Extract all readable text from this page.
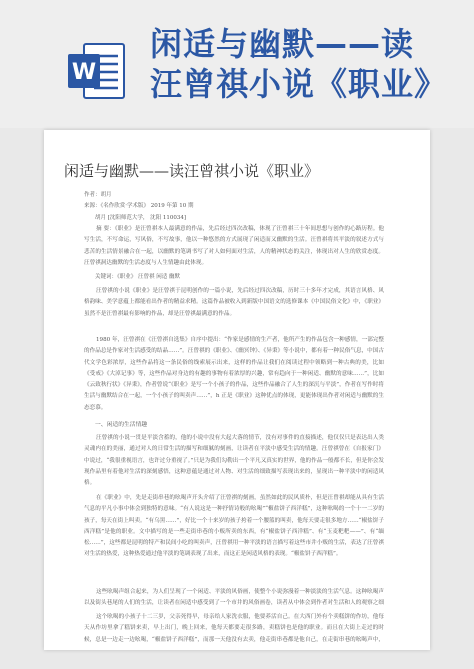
W
闲适与幽默——读
汪曾祺小说《职业》
闲适与幽默——读汪曾祺小说《职业》
作者：胡月
来源：《名作欣赏·学术版》 2019 年第 10 期
胡月 [沈阳师范大学， 沈阳 110034]
摘 要：《职业》是汪曾祺本人最满意的作品，先后经过四次改稿，体现了汪曾祺三十年间思想与创作的心路历程。他写生活，不写命运，写风俗，不写故事，他以一种悠然的方式展现了闲适而又幽默的生活。汪曾祺将其平淡的叙述方式与悲苦的生活情景融合在一起，以幽默的笔调书写了对人如何面对生活，人的精神状态的关注，体现出对人生的欣赏态度。汪曾祺洞达幽默的生活态度与人生情趣由此体现。
关键词：《职业》 汪曾祺 闲适 幽默
汪曾祺的小说《职业》是汪曾祺于昆明创作的一篇小说，先后经过四次改稿，历时三十多年才完成，其语言风格、风格韵味、美学意蕴上都能看出作者的精益求精。这篇作品被收入到新版中国语文的选修课本《中国民俗文化》中，《职业》虽然不是汪曾祺最有影响的作品，却是汪曾祺最满意的作品。
1980 年，汪曾祺在《汪曾祺自选集》自序中提出：“作家是感情的生产者，他所产生的作品包含一种感情，一部完整的作品总是作家对生活感受的结晶……”。汪曾祺的《职业》、《幽冥钟》、《异秉》等小说中，都有着一种民俗气息，中国古代文学色彩浓厚，这些作品将这一条民俗的线索展示出来，这样的作品让我们在阅读过程中领略到一种古典的美，比如《受戒》《大淖记事》等，这些作品对身边的有趣的事物有着浓厚的兴趣，常有趋向于一种闲适、幽默的意味……”，比如《云致秋行状》《异秉》，作者曾说“《职业》是写一个小孩子的作品，这些作品融合了人生的深沉与平淡”，作者在写作时将生活与幽默结合在一起，一个小孩子的叫卖声……”，h 正是《职业》这种优点的体现，更能体现出作者对闲适与幽默的生态恋慕。
一、闲适的生活情趣
汪曾祺的小说一贯是平淡含蓄的，他的小说中没有大起大落的情节，没有对事件的直接描述，他仅仅只是表达出人类灵魂内在的美丽，通过对人的日常生活的描写和细腻的刻画，让读者在平淡中感受生活的情趣。汪曾祺曾在《自报家门》中说过，“我很重视语言，也许过分重视了。”只是为我们勾勒出一个平凡又真实的世界，他的作品一般都不长，但是你会发现作品里有着他对生活的深刻感悟，这种意蕴是通过对人物、对生活的细致描写表现出来的，显现出一种平淡中的闲适风格。
在《职业》中，先是走街串巷的吆喝声开头介绍了汪曾祺的刻画，虽然如此的民风质朴，但是汪曾祺却能从具有生活气息的平凡小事中体会到独特的意味。“有人说这是一种抒情诗般的吆喝”“椒盐饼子西洋糕”，这种吆喝的一个十一二岁的孩子，每天在街上叫卖。“有乌黑……”，好比一个十来岁的孩子挎着一个腰篮的叫卖，他每天要走很多地方……“椒盐饼子西洋糕”是他的职业。文中描写的是一些走街串巷的小贩所卖的东西，有“椒盐饼子西洋糕”、有“玉麦粑粑——”、有“缅松……”，这些都是昆明的特产和民间小吃的叫卖声，汪曾祺用一种平淡的语言描写着这些市井小贩的生活，表达了汪曾祺对生活的热爱，这种热爱通过他平淡的笔调表现了出来，而这正是闲适风格的表现。“椒盐饼子西洋糕”。
这些吆喝声组合起来，为人们呈现了一个闲适、平淡的风俗画，使整个小说弥漫着一种淡淡的生活气息。这种吆喝声以及街头巷尾的人们的生活，让读者在闲适中感受到了一个市井的风俗画卷，读者从中体会到作者对生活和人的观察之细
这个吆喝的小孩子十二三岁，父亲死得早，母亲给人家洗衣服，他要养活自己。在大西门外有个卖糕饼的作坊，他每天从作坊里拿了糕饼来卖，早上出门，晚上回来，他每天都要走很多路，卖糕饼也是他的职业。而且在大街上走过的时候，总是一边走一边吆喝，“椒盐饼子西洋糕”，而那一天他没有去卖，他走街串巷都是他自己，在走街串巷的吆喝声中，
